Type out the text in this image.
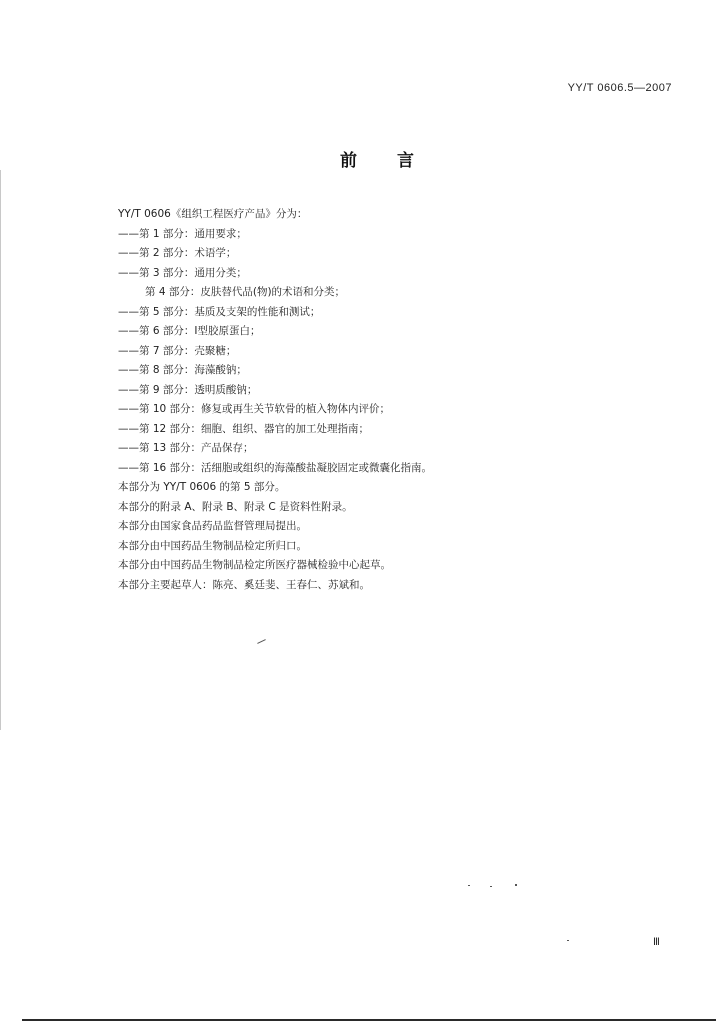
YY/T 0606.5—2007
前言
YY/T 0606《组织工程医疗产品》分为：
——第 1 部分：通用要求；
——第 2 部分：术语学；
——第 3 部分：通用分类；
第 4 部分：皮肤替代品(物)的术语和分类；
——第 5 部分：基质及支架的性能和测试；
——第 6 部分：Ⅰ型胶原蛋白；
——第 7 部分：壳聚糖；
——第 8 部分：海藻酸钠；
——第 9 部分：透明质酸钠；
——第 10 部分：修复或再生关节软骨的植入物体内评价；
——第 12 部分：细胞、组织、器官的加工处理指南；
——第 13 部分：产品保存；
——第 16 部分：活细胞或组织的海藻酸盐凝胶固定或微囊化指南。
本部分为 YY/T 0606 的第 5 部分。
本部分的附录 A、附录 B、附录 C 是资料性附录。
本部分由国家食品药品监督管理局提出。
本部分由中国药品生物制品检定所归口。
本部分由中国药品生物制品检定所医疗器械检验中心起草。
本部分主要起草人：陈亮、奚廷斐、王春仁、苏斌和。
Ⅲ
